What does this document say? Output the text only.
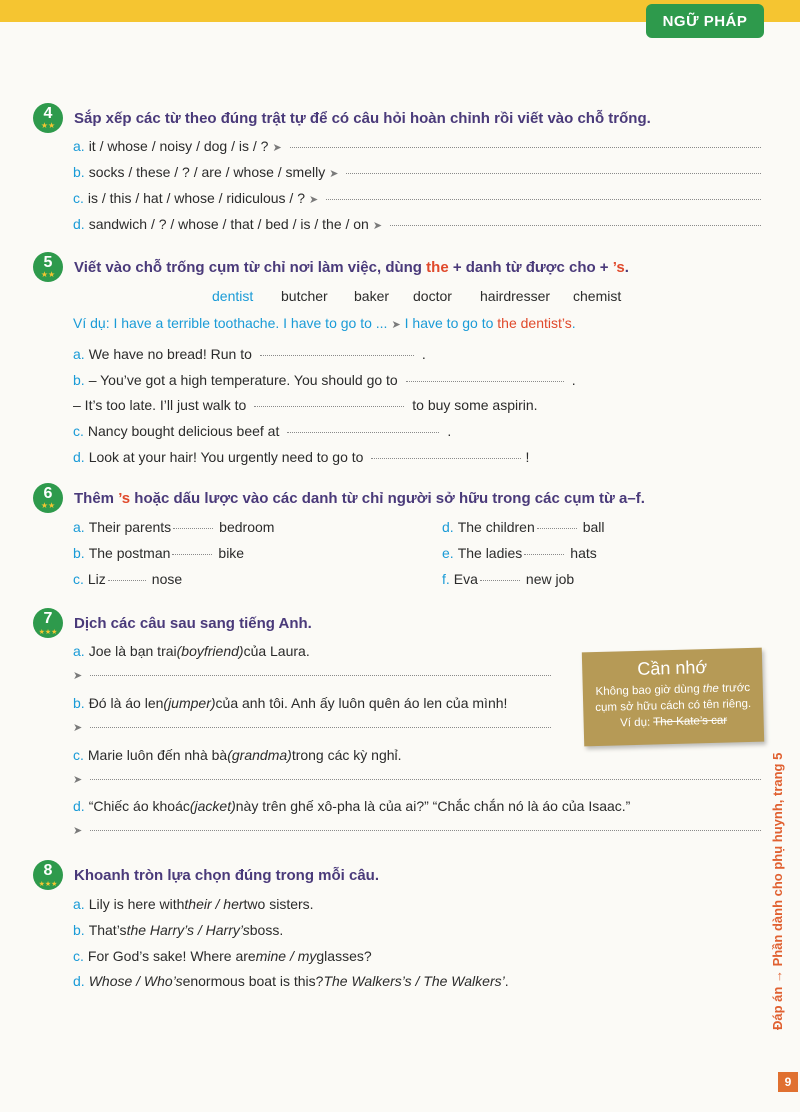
NGỮ PHÁP
★★
4	Sắp xếp các từ theo đúng trật tự để có câu hỏi hoàn chỉnh rồi viết vào chỗ trống.
a. it / whose / noisy / dog / is / ? ➤
b. socks / these / ? / are / whose / smelly ➤
c. is / this / hat / whose / ridiculous / ? ➤
d. sandwich / ? / whose / that / bed / is / the / on ➤
★★
5	Viết vào chỗ trống cụm từ chỉ nơi làm việc, dùng the + danh từ được cho + ’s.
dentist butcher baker doctor hairdresser chemist
Ví dụ:
I have a terrible toothache. I have to go to ... ➤ I have to go to
the dentist’s .
a. We have no bread! Run to	.
b. – You’ve got a high temperature. You should go to	.
– It’s too late. I’ll just walk to	to buy some aspirin.
c. Nancy bought delicious beef at	.
d. Look at your hair! You urgently need to go to	!
★★
6	Thêm ’s hoặc dấu lược vào các danh từ chỉ người sở hữu trong các cụm từ a–f.
a. Their parents	bedroom
b. The postman	bike
c. Liz	nose
d. The children	ball
e. The ladies	hats
f. Eva	new job
★★★
7	Dịch các câu sau sang tiếng Anh.
a. Joe là bạn trai (boyfriend) của Laura.
➤
b. Đó là áo len (jumper) của anh tôi. Anh ấy luôn quên áo len của mình!
➤
c. Marie luôn đến nhà bà (grandma) trong các kỳ nghỉ.
➤
d. “Chiếc áo khoác (jacket) này trên ghế xô-pha là của ai?” “Chắc chắn nó là áo của Isaac.”
➤
Cần nhớ
Không bao giờ dùng the trước
cụm sở hữu cách có tên riêng.
Ví dụ: The Kate’s car
★★★
8	Khoanh tròn lựa chọn đúng trong mỗi câu.
a. Lily is here with their / her two sisters.
b. That’s the Harry’s / Harry’s boss.
c. For God’s sake! Where are mine / my glasses?
d. Whose / Who’s enormous boat is this? The Walkers’s / The Walkers’ .	Đáp án → Phần dành cho phụ huynh, trang 5
9
